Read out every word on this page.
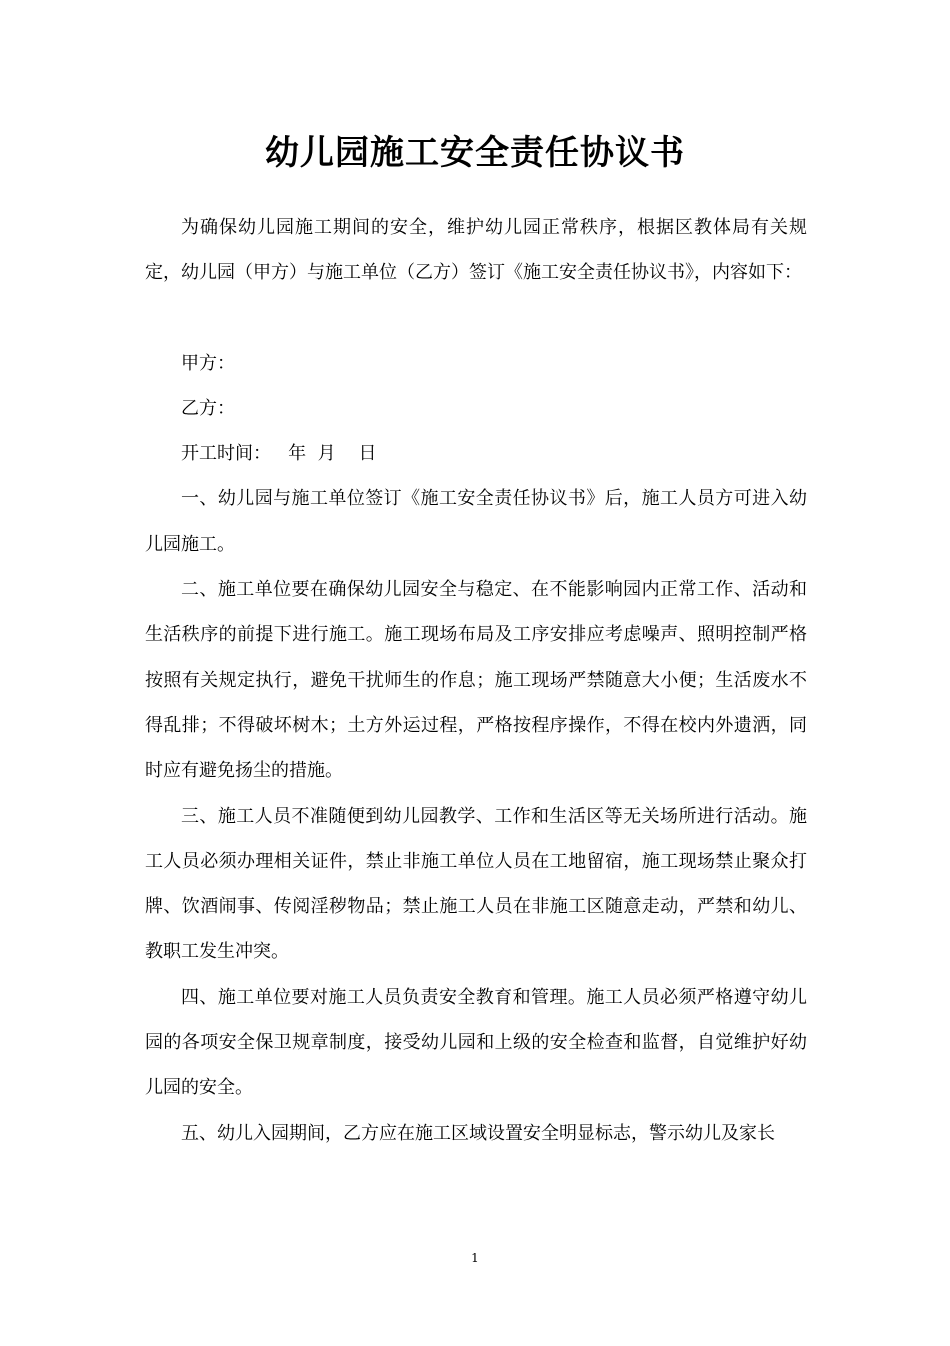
幼儿园施工安全责任协议书

为确保幼儿园施工期间的安全，维护幼儿园正常秩序，根据区教体局有关规定，幼儿园（甲方）与施工单位（乙方）签订《施工安全责任协议书》，内容如下：

甲方：

乙方：

开工时间： 年 月 日

一、幼儿园与施工单位签订《施工安全责任协议书》后，施工人员方可进入幼儿园施工。

二、施工单位要在确保幼儿园安全与稳定、在不能影响园内正常工作、活动和生活秩序的前提下进行施工。施工现场布局及工序安排应考虑噪声、照明控制严格按照有关规定执行，避免干扰师生的作息；施工现场严禁随意大小便；生活废水不得乱排；不得破坏树木；土方外运过程，严格按程序操作，不得在校内外遗洒，同时应有避免扬尘的措施。

三、施工人员不准随便到幼儿园教学、工作和生活区等无关场所进行活动。施工人员必须办理相关证件，禁止非施工单位人员在工地留宿，施工现场禁止聚众打牌、饮酒闹事、传阅淫秽物品；禁止施工人员在非施工区随意走动，严禁和幼儿、教职工发生冲突。

四、施工单位要对施工人员负责安全教育和管理。施工人员必须严格遵守幼儿园的各项安全保卫规章制度，接受幼儿园和上级的安全检查和监督，自觉维护好幼儿园的安全。

五、幼儿入园期间，乙方应在施工区域设置安全明显标志，警示幼儿及家长

1
